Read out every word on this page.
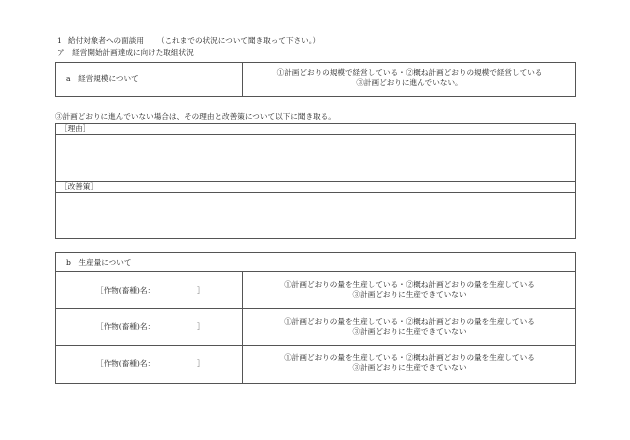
1 給付対象者への面談用 （これまでの状況について聞き取って下さい。）
ア　経営開始計画達成に向けた取組状況
a　経営規模について
①計画どおりの規模で経営している・②概ね計画どおりの規模で経営している
③計画どおりに進んでいない。
③計画どおりに進んでいない場合は、その理由と改善策について以下に聞き取る。
［理由］
［改善策］
b　生産量について
［作物(畜種)名：	］
①計画どおりの量を生産している・②概ね計画どおりの量を生産している
③計画どおりに生産できていない
［作物(畜種)名：	］
①計画どおりの量を生産している・②概ね計画どおりの量を生産している
③計画どおりに生産できていない
［作物(畜種)名：	］
①計画どおりの量を生産している・②概ね計画どおりの量を生産している
③計画どおりに生産できていない
